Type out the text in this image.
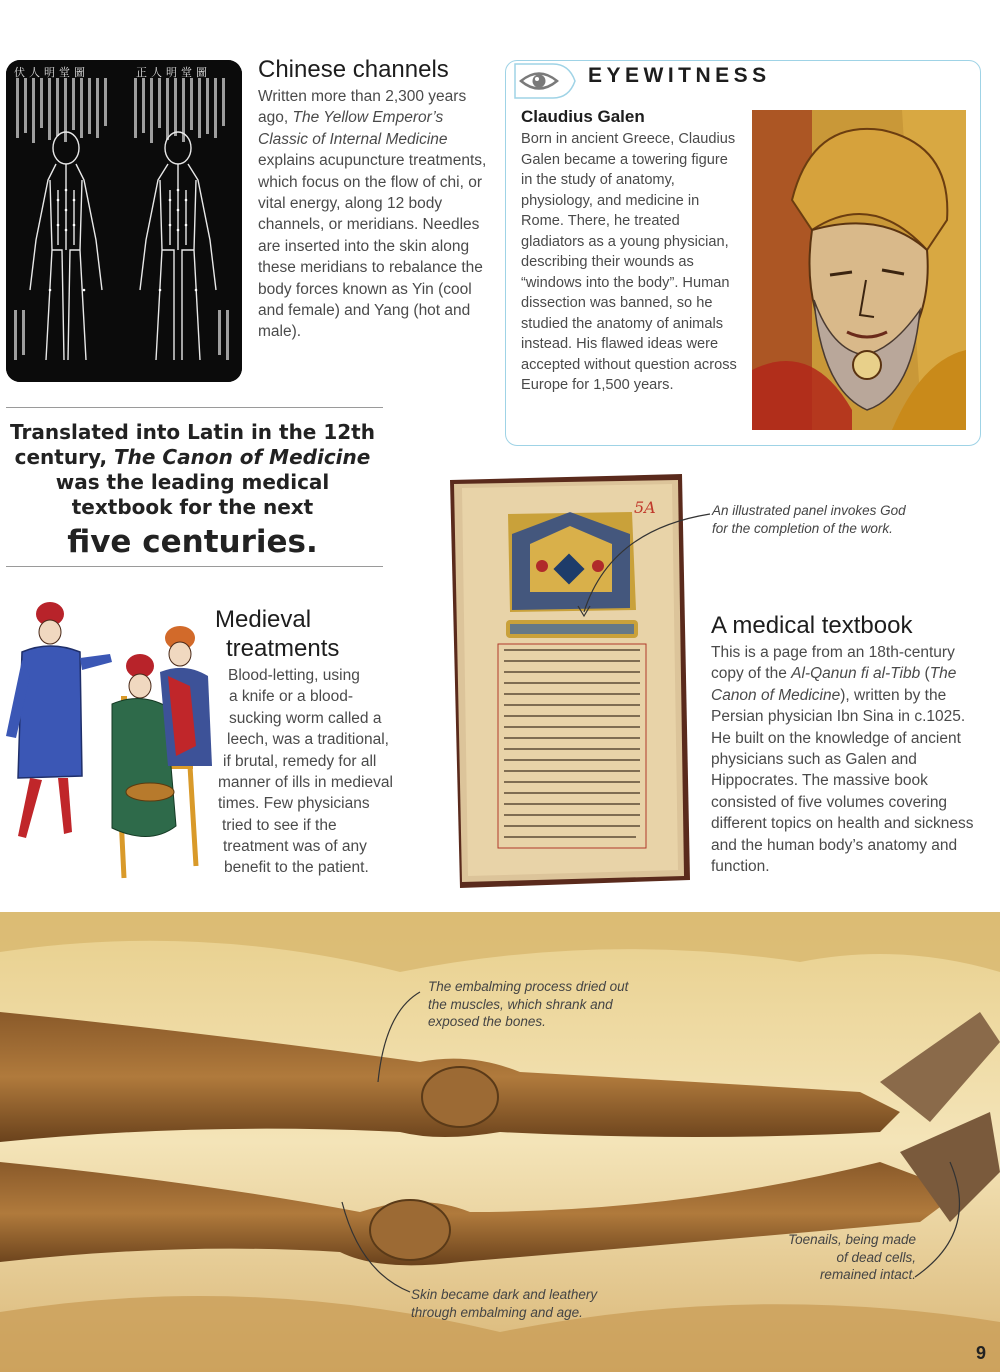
伏人明堂圖	正人明堂圖	Chinese channels
Written more than 2,300 years ago, The Yellow Emperor’s Classic of Internal Medicine explains acupuncture treatments, which focus on the flow of chi, or vital energy, along 12 body channels, or meridians. Needles are inserted into the skin along these meridians to rebalance the body forces known as Yin (cool and female) and Yang (hot and male).
EYEWITNESS
Claudius Galen
Born in ancient Greece, Claudius Galen became a towering figure in the study of anatomy, physiology, and medicine in Rome. There, he treated gladiators as a young physician, describing their wounds as “windows into the body”. Human dissection was banned, so he studied the anatomy of animals instead. His flawed ideas were accepted without question across Europe for 1,500 years.
Translated into Latin in the 12th century, The Canon of Medicine was the leading medical textbook for the next
five centuries.
Medieval
treatments
Blood-letting, using
a knife or a blood-
sucking worm called a
leech, was a traditional,
if brutal, remedy for all
manner of ills in medieval
times. Few physicians
tried to see if the
treatment was of any
benefit to the patient.
5A	An illustrated panel invokes God for the completion of the work.
A medical textbook
This is a page from an 18th-century copy of the Al-Qanun fi al-Tibb (The Canon of Medicine), written by the Persian physician Ibn Sina in c.1025. He built on the knowledge of ancient physicians such as Galen and Hippocrates. The massive book consisted of five volumes covering different topics on health and sickness and the human body’s anatomy and function.
The embalming process dried out the muscles, which shrank and exposed the bones.
Skin became dark and leathery through embalming and age.
Toenails, being made of dead cells, remained intact.
9
